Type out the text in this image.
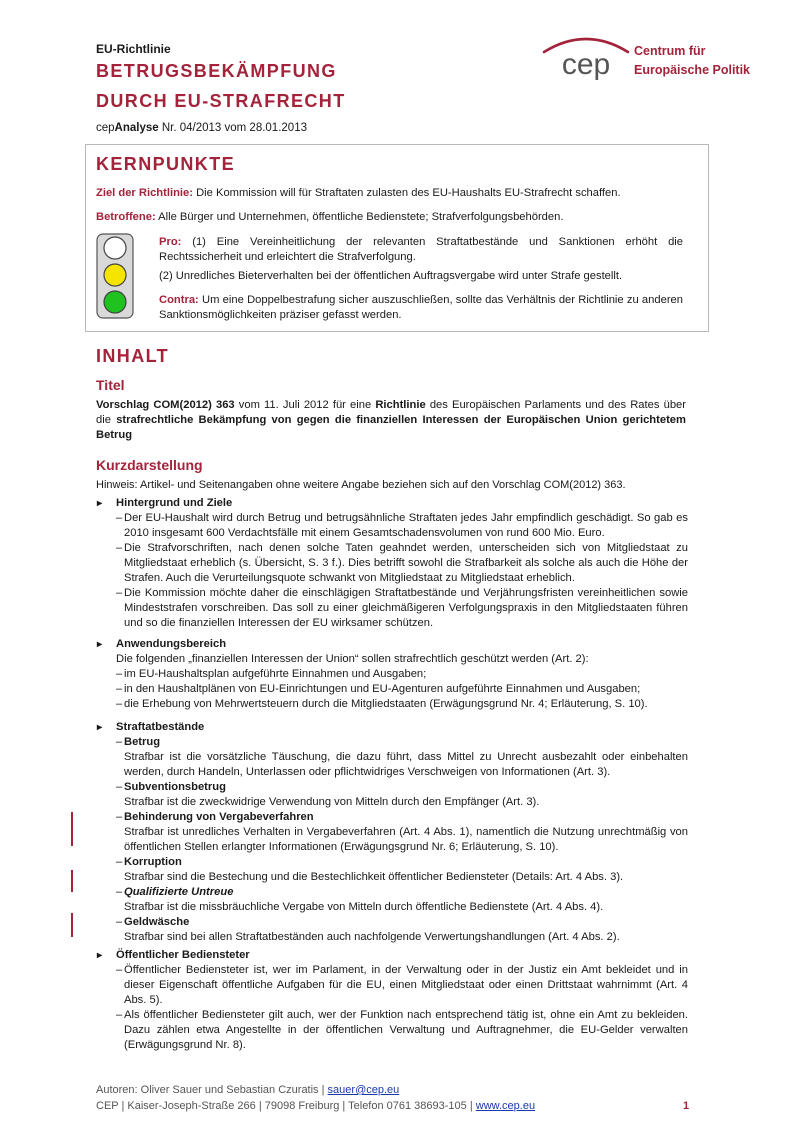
EU-Richtlinie
BETRUGSBEKÄMPFUNG
DURCH EU-STRAFRECHT
cepAnalyse Nr. 04/2013 vom 28.01.2013
cep Centrum für
Europäische Politik
KERNPUNKTE
Ziel der Richtlinie: Die Kommission will für Straftaten zulasten des EU-Haushalts EU-Strafrecht schaffen.
Betroffene: Alle Bürger und Unternehmen, öffentliche Bedienstete; Strafverfolgungsbehörden.
Pro: (1) Eine Vereinheitlichung der relevanten Straftatbestände und Sanktionen erhöht die Rechtssicherheit und erleichtert die Strafverfolgung.
(2) Unredliches Bieterverhalten bei der öffentlichen Auftragsvergabe wird unter Strafe gestellt.
Contra: Um eine Doppelbestrafung sicher auszuschließen, sollte das Verhältnis der Richtlinie zu anderen Sanktionsmöglichkeiten präziser gefasst werden.
INHALT
Titel
Vorschlag COM(2012) 363 vom 11. Juli 2012 für eine Richtlinie des Europäischen Parlaments und des Rates über die strafrechtliche Bekämpfung von gegen die finanziellen Interessen der Europäischen Union gerichtetem Betrug
Kurzdarstellung
Hinweis: Artikel- und Seitenangaben ohne weitere Angabe beziehen sich auf den Vorschlag COM(2012) 363.
▸ Hintergrund und Ziele
– Der EU-Haushalt wird durch Betrug und betrugsähnliche Straftaten jedes Jahr empfindlich geschädigt. So gab es 2010 insgesamt 600 Verdachtsfälle mit einem Gesamtschadensvolumen von rund 600 Mio. Euro.
– Die Strafvorschriften, nach denen solche Taten geahndet werden, unterscheiden sich von Mitgliedstaat zu Mitgliedstaat erheblich (s. Übersicht, S. 3 f.). Dies betrifft sowohl die Strafbarkeit als solche als auch die Höhe der Strafen. Auch die Verurteilungsquote schwankt von Mitgliedstaat zu Mitgliedstaat erheblich.
– Die Kommission möchte daher die einschlägigen Straftatbestände und Verjährungsfristen vereinheitlichen sowie Mindeststrafen vorschreiben. Das soll zu einer gleichmäßigeren Verfolgungspraxis in den Mitgliedstaaten führen und so die finanziellen Interessen der EU wirksamer schützen.
▸ Anwendungsbereich
Die folgenden „finanziellen Interessen der Union“ sollen strafrechtlich geschützt werden (Art. 2):
– im EU-Haushaltsplan aufgeführte Einnahmen und Ausgaben;
– in den Haushaltplänen von EU-Einrichtungen und EU-Agenturen aufgeführte Einnahmen und Ausgaben;
– die Erhebung von Mehrwertsteuern durch die Mitgliedstaaten (Erwägungsgrund Nr. 4; Erläuterung, S. 10).
▸ Straftatbestände
– Betrug
Strafbar ist die vorsätzliche Täuschung, die dazu führt, dass Mittel zu Unrecht ausbezahlt oder einbehalten werden, durch Handeln, Unterlassen oder pflichtwidriges Verschweigen von Informationen (Art. 3).
– Subventionsbetrug
Strafbar ist die zweckwidrige Verwendung von Mitteln durch den Empfänger (Art. 3).
– Behinderung von Vergabeverfahren
Strafbar ist unredliches Verhalten in Vergabeverfahren (Art. 4 Abs. 1), namentlich die Nutzung unrechtmäßig von öffentlichen Stellen erlangter Informationen (Erwägungsgrund Nr. 6; Erläuterung, S. 10).
– Korruption
Strafbar sind die Bestechung und die Bestechlichkeit öffentlicher Bediensteter (Details: Art. 4 Abs. 3).
– Qualifizierte Untreue
Strafbar ist die missbräuchliche Vergabe von Mitteln durch öffentliche Bedienstete (Art. 4 Abs. 4).
– Geldwäsche
Strafbar sind bei allen Straftatbeständen auch nachfolgende Verwertungshandlungen (Art. 4 Abs. 2).
▸ Öffentlicher Bediensteter
– Öffentlicher Bediensteter ist, wer im Parlament, in der Verwaltung oder in der Justiz ein Amt bekleidet und in dieser Eigenschaft öffentliche Aufgaben für die EU, einen Mitgliedstaat oder einen Drittstaat wahrnimmt (Art. 4 Abs. 5).
– Als öffentlicher Bediensteter gilt auch, wer der Funktion nach entsprechend tätig ist, ohne ein Amt zu bekleiden. Dazu zählen etwa Angestellte in der öffentlichen Verwaltung und Auftragnehmer, die EU-Gelder verwalten (Erwägungsgrund Nr. 8).
Autoren: Oliver Sauer und Sebastian Czuratis | sauer@cep.eu
CEP | Kaiser-Joseph-Straße 266 | 79098 Freiburg | Telefon 0761 38693-105 | www.cep.eu	1
